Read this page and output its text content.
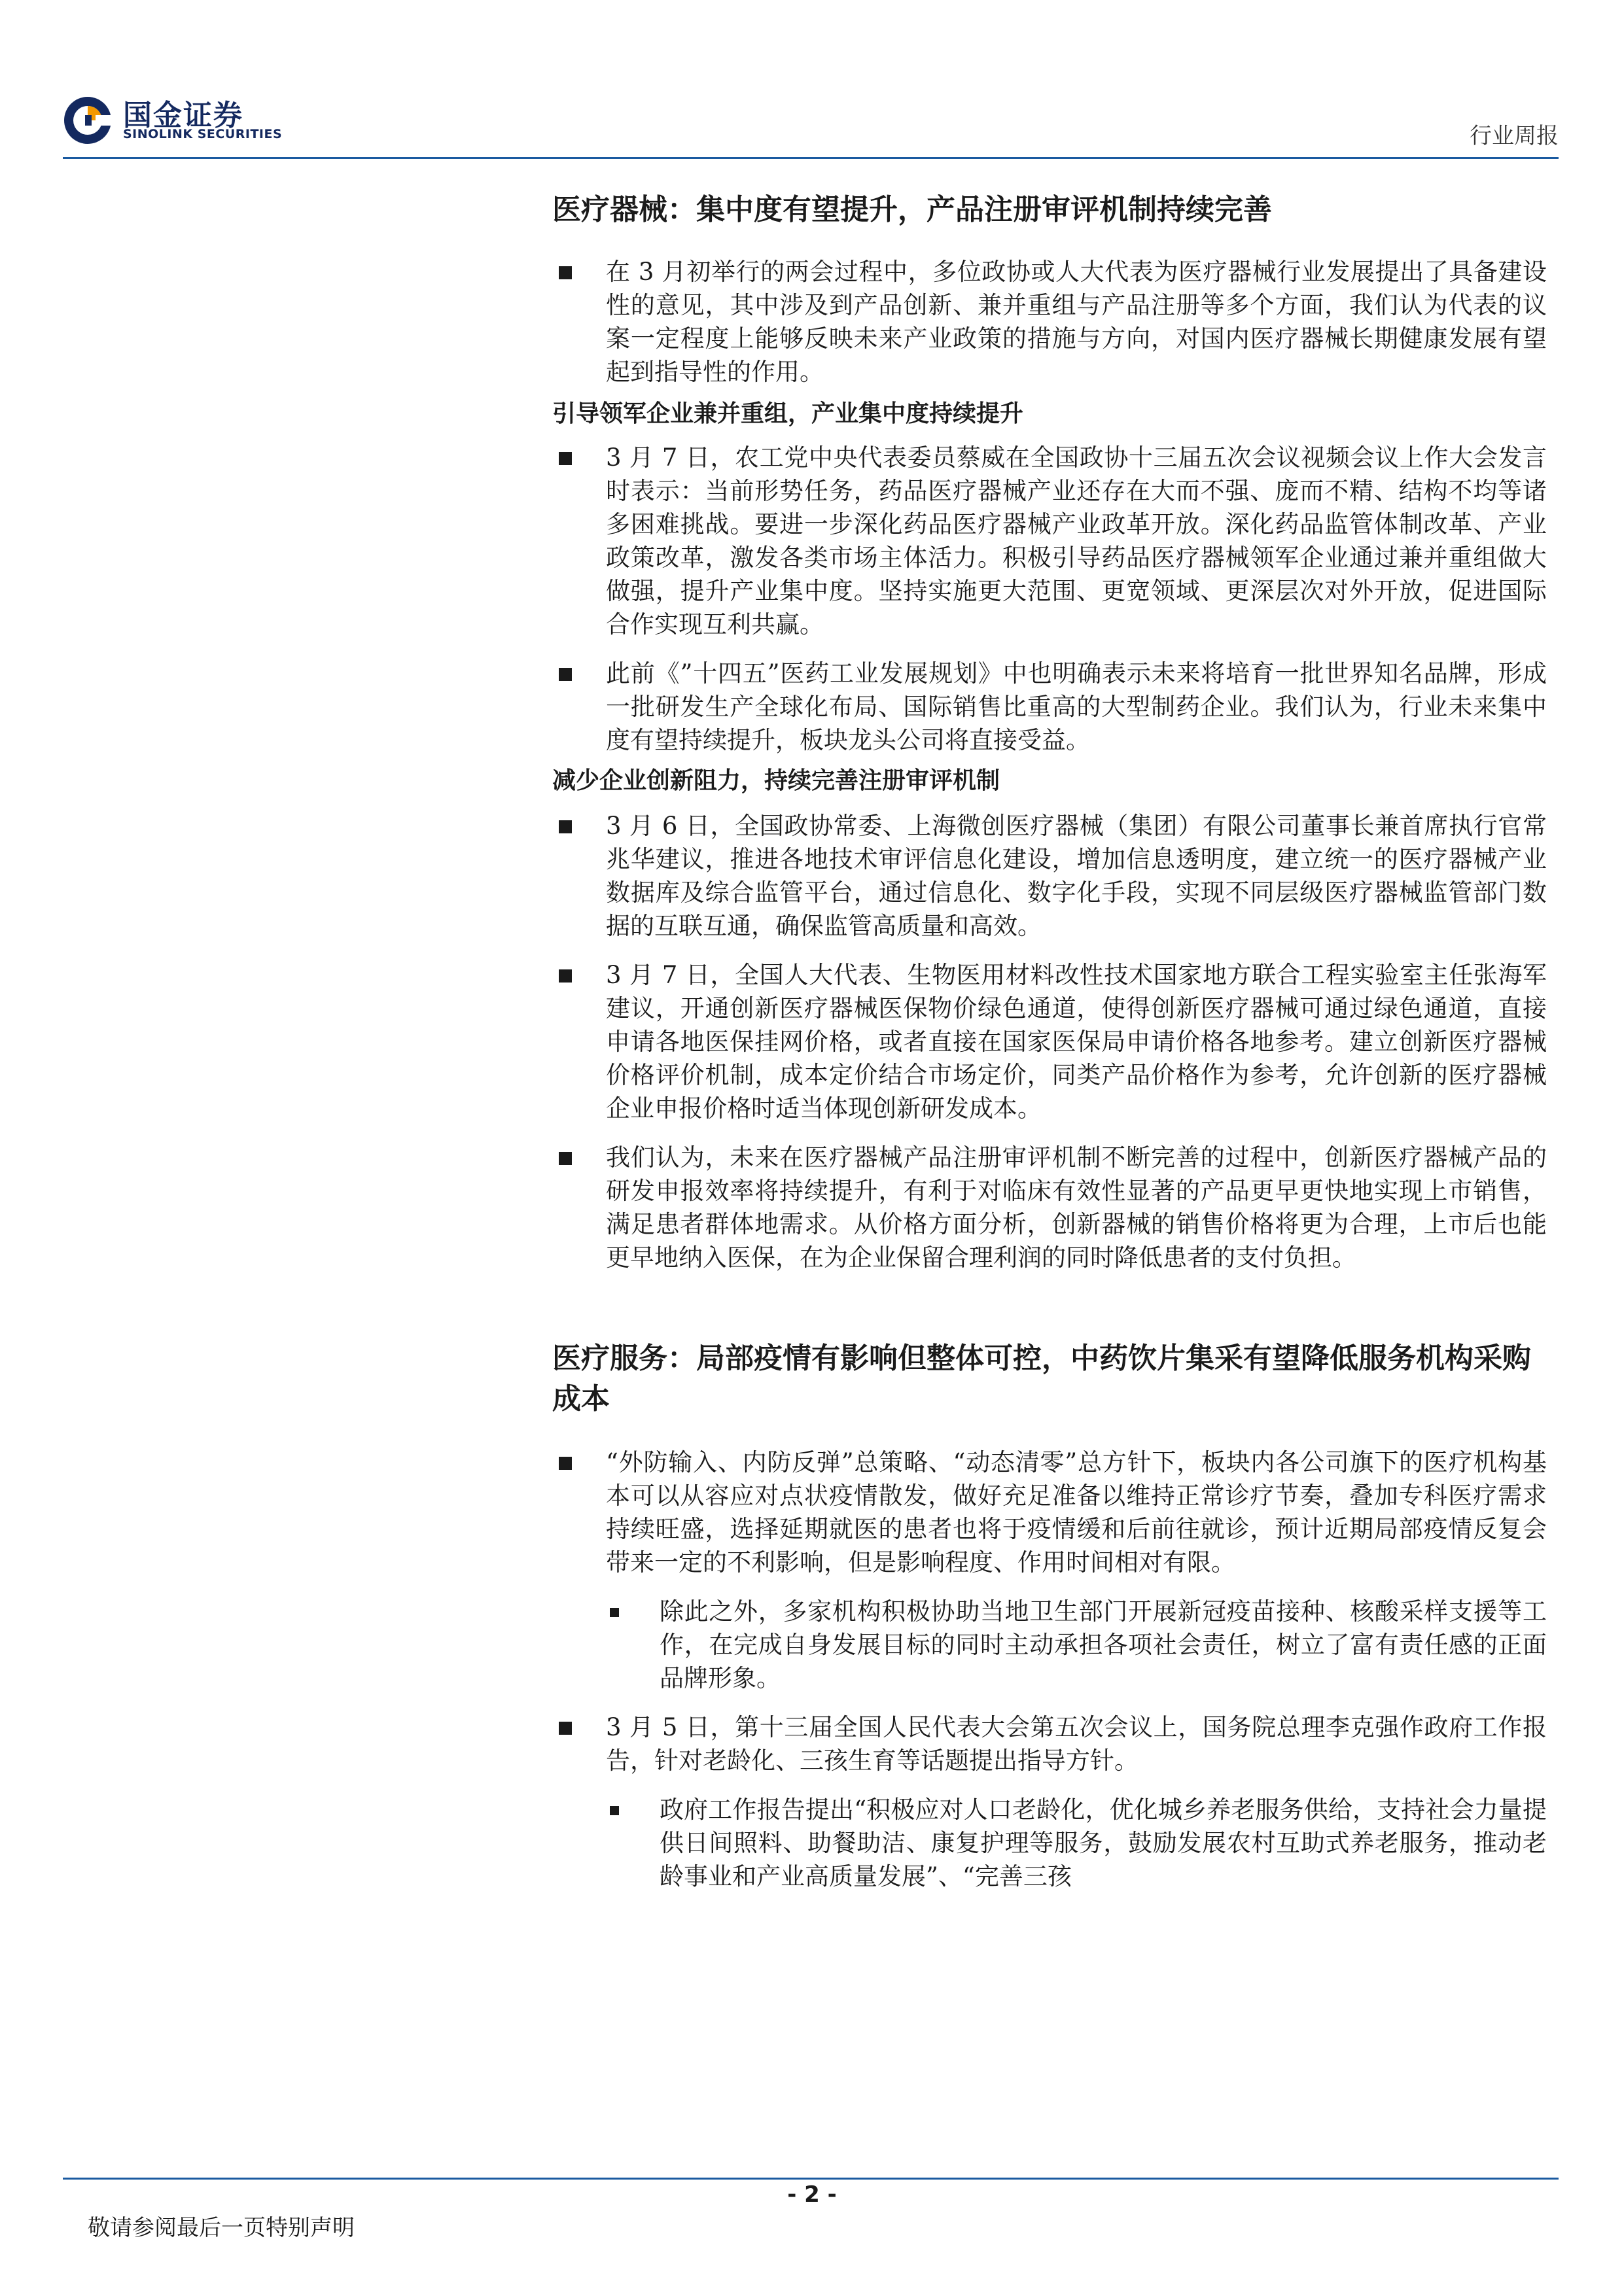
国金证券
SINOLINK SECURITIES	行业周报
医疗器械：集中度有望提升，产品注册审评机制持续完善

在 3 月初举行的两会过程中，多位政协或人大代表为医疗器械行业发展提出了具备建设性的意见，其中涉及到产品创新、兼并重组与产品注册等多个方面，我们认为代表的议案一定程度上能够反映未来产业政策的措施与方向，对国内医疗器械长期健康发展有望起到指导性的作用。

引导领军企业兼并重组，产业集中度持续提升

3 月 7 日，农工党中央代表委员蔡威在全国政协十三届五次会议视频会议上作大会发言时表示：当前形势任务，药品医疗器械产业还存在大而不强、庞而不精、结构不均等诸多困难挑战。要进一步深化药品医疗器械产业政革开放。深化药品监管体制改革、产业政策改革，激发各类市场主体活力。积极引导药品医疗器械领军企业通过兼并重组做大做强，提升产业集中度。坚持实施更大范围、更宽领域、更深层次对外开放，促进国际合作实现互利共赢。

此前《”十四五”医药工业发展规划》中也明确表示未来将培育一批世界知名品牌，形成一批研发生产全球化布局、国际销售比重高的大型制药企业。我们认为，行业未来集中度有望持续提升，板块龙头公司将直接受益。

减少企业创新阻力，持续完善注册审评机制

3 月 6 日，全国政协常委、上海微创医疗器械（集团）有限公司董事长兼首席执行官常兆华建议，推进各地技术审评信息化建设，增加信息透明度，建立统一的医疗器械产业数据库及综合监管平台，通过信息化、数字化手段，实现不同层级医疗器械监管部门数据的互联互通，确保监管高质量和高效。

3 月 7 日，全国人大代表、生物医用材料改性技术国家地方联合工程实验室主任张海军建议，开通创新医疗器械医保物价绿色通道，使得创新医疗器械可通过绿色通道，直接申请各地医保挂网价格，或者直接在国家医保局申请价格各地参考。建立创新医疗器械价格评价机制，成本定价结合市场定价，同类产品价格作为参考，允许创新的医疗器械企业申报价格时适当体现创新研发成本。

我们认为，未来在医疗器械产品注册审评机制不断完善的过程中，创新医疗器械产品的研发申报效率将持续提升，有利于对临床有效性显著的产品更早更快地实现上市销售，满足患者群体地需求。从价格方面分析，创新器械的销售价格将更为合理，上市后也能更早地纳入医保，在为企业保留合理利润的同时降低患者的支付负担。

医疗服务：局部疫情有影响但整体可控，中药饮片集采有望降低服务机构采购成本

“外防输入、内防反弹”总策略、“动态清零”总方针下，板块内各公司旗下的医疗机构基本可以从容应对点状疫情散发，做好充足准备以维持正常诊疗节奏，叠加专科医疗需求持续旺盛，选择延期就医的患者也将于疫情缓和后前往就诊，预计近期局部疫情反复会带来一定的不利影响，但是影响程度、作用时间相对有限。

除此之外，多家机构积极协助当地卫生部门开展新冠疫苗接种、核酸采样支援等工作，在完成自身发展目标的同时主动承担各项社会责任，树立了富有责任感的正面品牌形象。

3 月 5 日，第十三届全国人民代表大会第五次会议上，国务院总理李克强作政府工作报告，针对老龄化、三孩生育等话题提出指导方针。

政府工作报告提出“积极应对人口老龄化，优化城乡养老服务供给，支持社会力量提供日间照料、助餐助洁、康复护理等服务，鼓励发展农村互助式养老服务，推动老龄事业和产业高质量发展”、“完善三孩

- 2 -
敬请参阅最后一页特别声明
